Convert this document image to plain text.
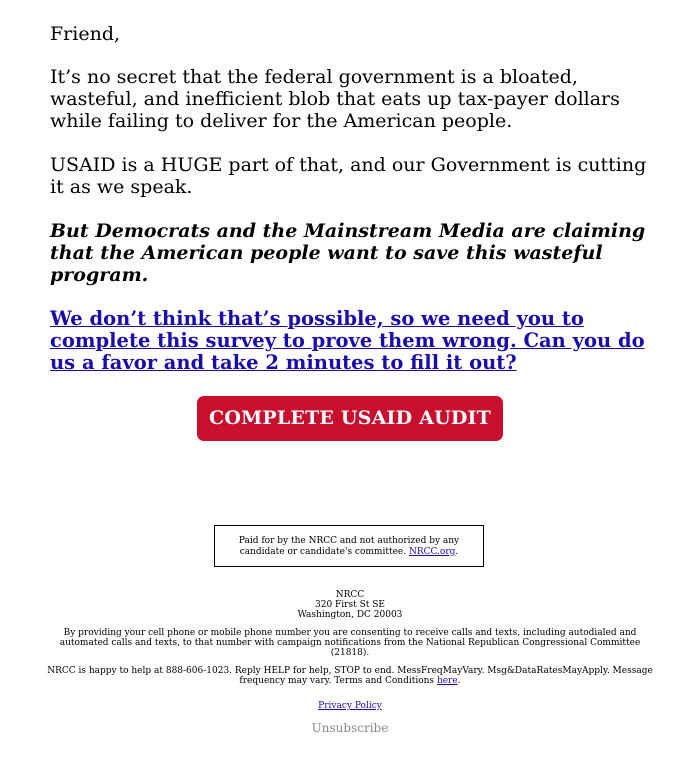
Friend,

It’s no secret that the federal government is a bloated, wasteful, and inefficient blob that eats up tax-payer dollars while failing to deliver for the American people.

USAID is a HUGE part of that, and our Government is cutting it as we speak.

But Democrats and the Mainstream Media are claiming that the American people want to save this wasteful program.

We don’t think that’s possible, so we need you to complete this survey to prove them wrong. Can you do us a favor and take 2 minutes to fill it out?
COMPLETE USAID AUDIT
Paid for by the NRCC and not authorized by any candidate or candidate's committee. NRCC.org.

NRCC
320 First St SE
Washington, DC 20003

By providing your cell phone or mobile phone number you are consenting to receive calls and texts, including autodialed and automated calls and texts, to that number with campaign notifications from the National Republican Congressional Committee (21818).

NRCC is happy to help at 888-606-1023. Reply HELP for help, STOP to end. MessFreqMayVary. Msg&DataRatesMayApply. Message frequency may vary. Terms and Conditions here.

Privacy Policy

Unsubscribe
